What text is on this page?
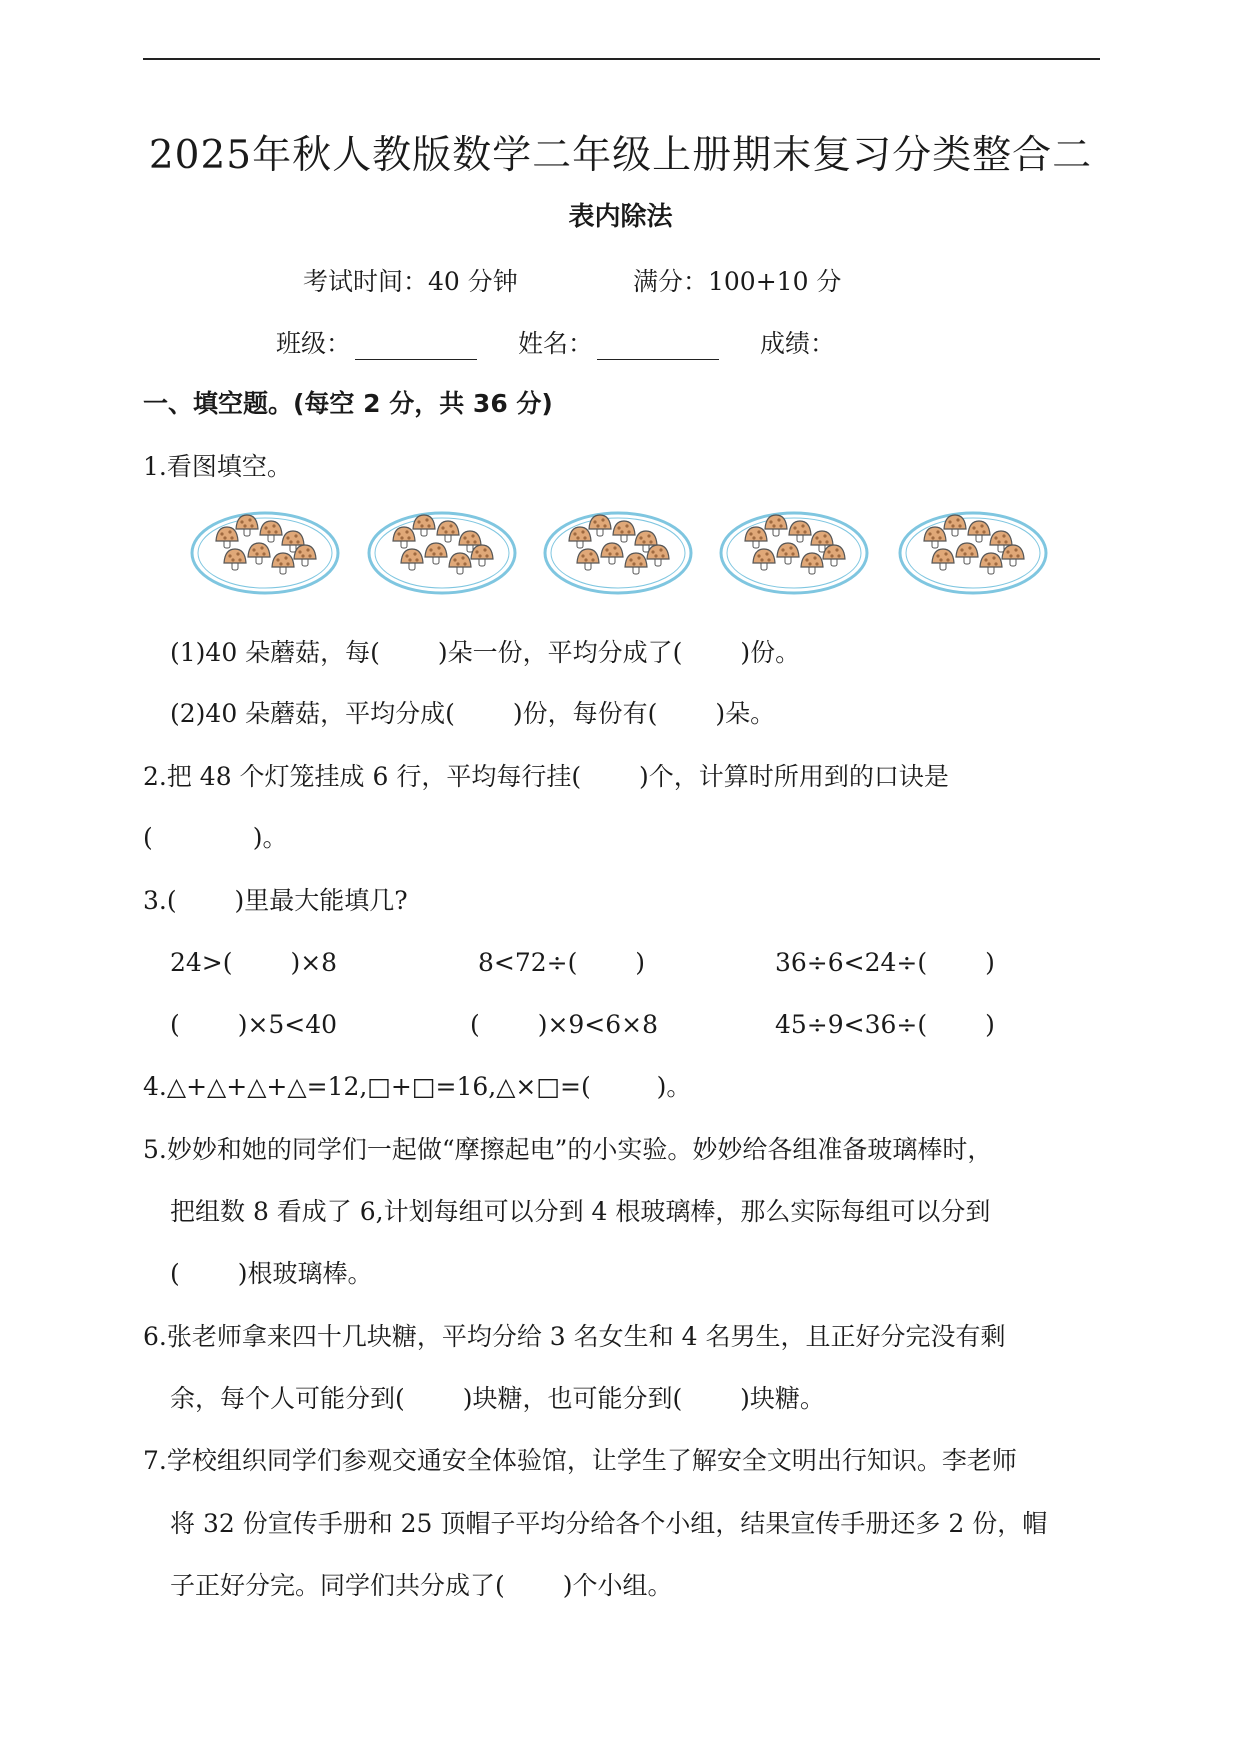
2025年秋人教版数学二年级上册期末复习分类整合二
表内除法
考试时间：40 分钟	满分：100+10 分
班级：	姓名：	成绩：
一、填空题。(每空 2 分，共 36 分)
1.看图填空。
(1)40 朵蘑菇，每(　 　)朵一份，平均分成了(　 　)份。
(2)40 朵蘑菇，平均分成(　 　)份，每份有(　 　)朵。
2.把 48 个灯笼挂成 6 行，平均每行挂(　 　)个，计算时所用到的口诀是
(　　　　)。
3.(　 　)里最大能填几?
24>(　 　)×8	8<72÷(　 　)	36÷6<24÷(　 　)
(　 　)×5<40	(　 　)×9<6×8	45÷9<36÷(　 　)
4.△+△+△+△=12,□+□=16,△×□=(　 　 )。
5.妙妙和她的同学们一起做“摩擦起电”的小实验。妙妙给各组准备玻璃棒时，
把组数 8 看成了 6,计划每组可以分到 4 根玻璃棒，那么实际每组可以分到
(　 　)根玻璃棒。
6.张老师拿来四十几块糖，平均分给 3 名女生和 4 名男生，且正好分完没有剩
余，每个人可能分到(　 　)块糖，也可能分到(　 　)块糖。
7.学校组织同学们参观交通安全体验馆，让学生了解安全文明出行知识。李老师
将 32 份宣传手册和 25 顶帽子平均分给各个小组，结果宣传手册还多 2 份，帽
子正好分完。同学们共分成了(　 　)个小组。
